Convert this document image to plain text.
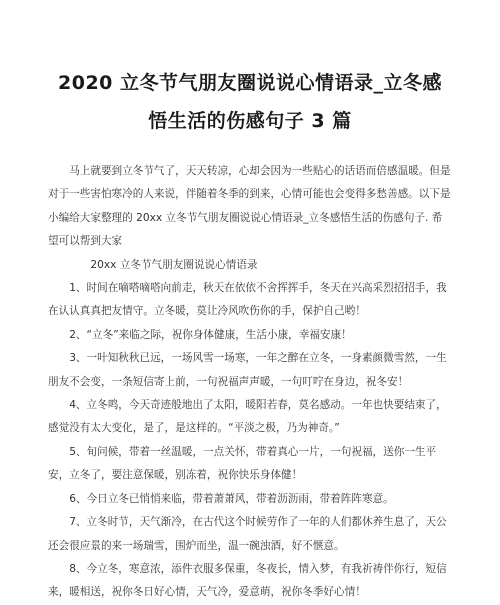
2020 立冬节气朋友圈说说心情语录_立冬感
悟生活的伤感句子 3 篇

马上就要到立冬节气了，天天转凉，心却会因为一些贴心的话语而倍感温暖。但是对于一些害怕寒冷的人来说，伴随着冬季的到来，心情可能也会变得多愁善感。以下是小编给大家整理的 20xx 立冬节气朋友圈说说心情语录_立冬感悟生活的伤感句子. 希望可以帮到大家

20xx 立冬节气朋友圈说说心情语录

1、时间在嘀嗒嘀嗒向前走，秋天在依依不舍挥挥手，冬天在兴高采烈招招手，我在认认真真把友情守。立冬暖，莫让冷风吹伤你的手，保护自己哟！

2、“立冬”来临之际，祝你身体健康，生活小康，幸福安康！

3、一叶知秋秋已远，一场风雪一场寒，一年之醉在立冬，一身素颜微雪然，一生朋友不会变，一条短信寄上前，一句祝福声声暖，一句叮咛在身边，祝冬安！

4、立冬鸣，今天奇迹般地出了太阳，暖阳若春，莫名感动。一年也快要结束了，感觉没有太大变化，是了，是这样的。“平淡之极，乃为神奇。”

5、旬问候，带着一丝温暖，一点关怀，带着真心一片，一句祝福，送你一生平安，立冬了，要注意保暖，别冻着，祝你快乐身体健！

6、今日立冬已悄悄来临，带着萧萧风，带着沥沥雨，带着阵阵寒意。

7、立冬时节，天气渐冷，在古代这个时候劳作了一年的人们都休养生息了，天公还会很应景的来一场瑞雪，围炉而坐，温一碗浊酒，好不惬意。

8、今立冬，寒意浓，添件衣服多保重，冬夜长，情入梦，有我祈祷伴你行，短信来，暖相送，祝你冬日好心情，天气冷，爱意萌，祝你冬季好心情！
